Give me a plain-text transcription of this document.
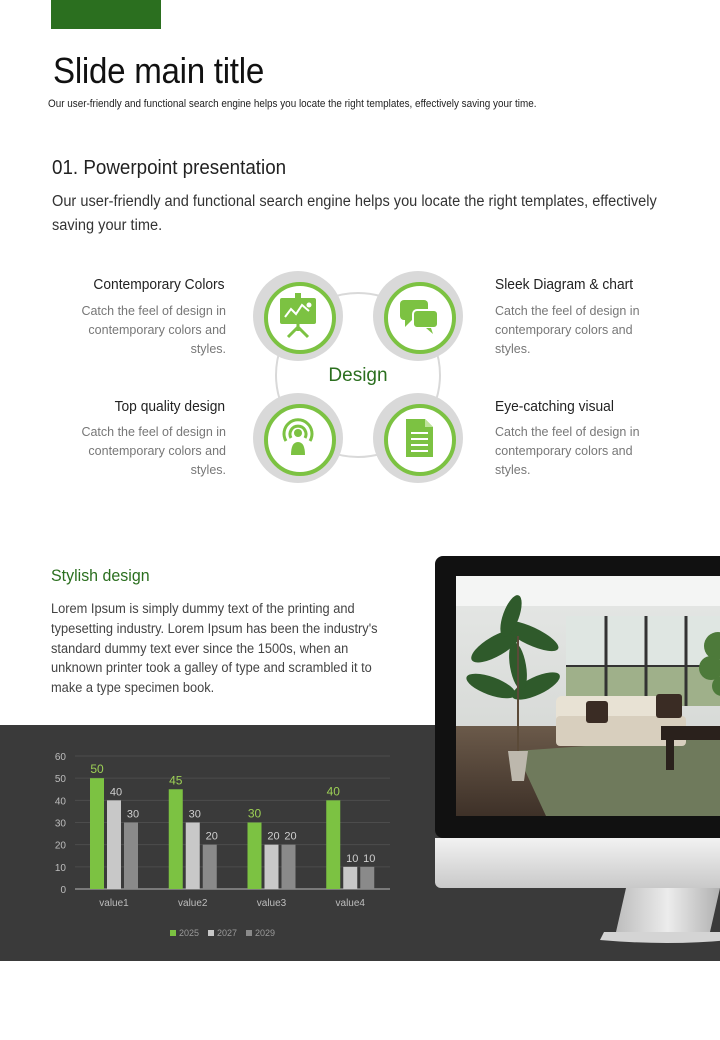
Slide main title
Our user-friendly and functional search engine helps you locate the right templates, effectively saving your time.
01. Powerpoint presentation
Our user-friendly and functional search engine helps you locate the right templates, effectively saving your time.
Design
Contemporary Colors
Catch the feel of design in contemporary colors and styles.
Sleek Diagram & chart
Catch the feel of design in contemporary colors and styles.
Top quality design
Catch the feel of design in contemporary colors and styles.
Eye-catching visual
Catch the feel of design in contemporary colors and styles.
Stylish design
Lorem Ipsum is simply dummy text of the printing and typesetting industry. Lorem Ipsum has been the industry's standard dummy text ever since the 1500s, when an unknown printer took a galley of type and scrambled it to make a type specimen book.
0
10
20
30
40
50
60
50
40
30
value1
45
30
20
value2
30
20 20
value3
40
10 10
value4
2025 2027 2029
